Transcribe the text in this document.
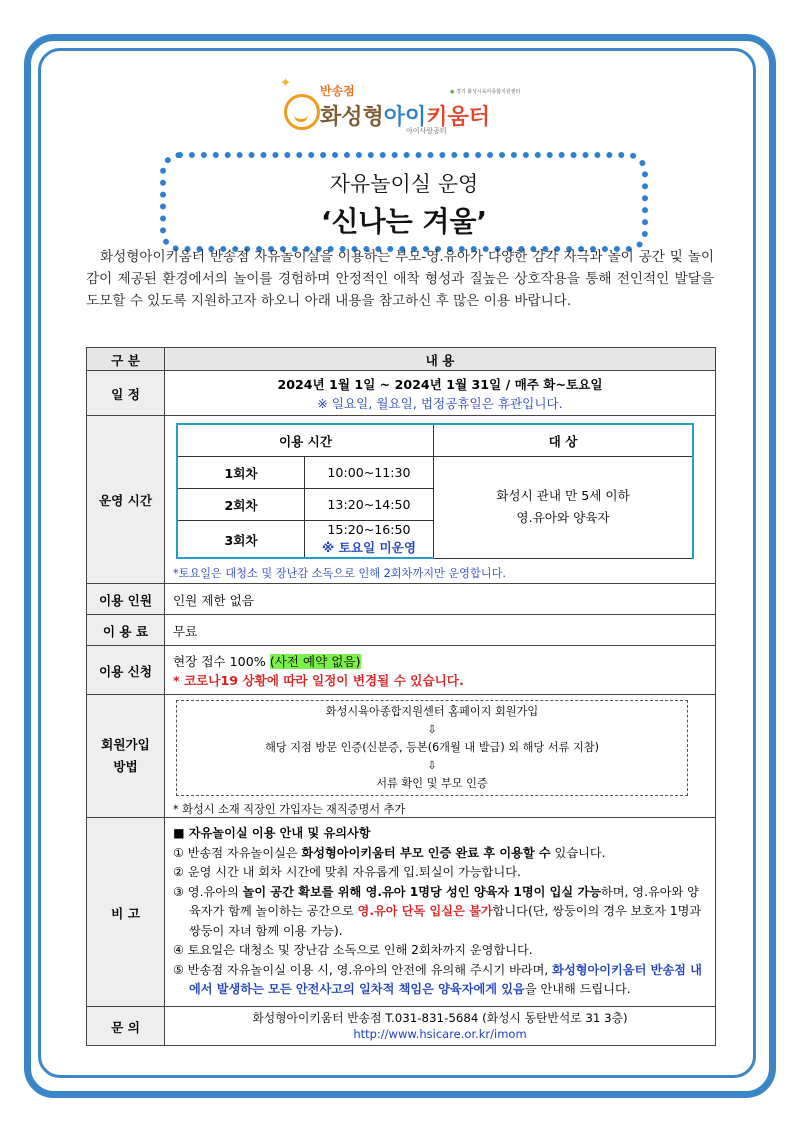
✦ 반송점
●	경기 화성시육아종합지원센터
화성형아이키움터
아이사랑공터
자유놀이실 운영
‘신나는 겨울’
화성형아이키움터 반송점 자유놀이실을 이용하는 부모-영.유아가 다양한 감각 자극과 놀이 공간 및 놀이감이 제공된 환경에서의 놀이를 경험하며 안정적인 애착 형성과 질높은 상호작용을 통해 전인적인 발달을 도모할 수 있도록 지원하고자 하오니 아래 내용을 참고하신 후 많은 이용 바랍니다.
구 분	내 용
일 정	
2024년 1월 1일 ~ 2024년 1월 31일 / 매주 화~토요일
※ 일요일, 월요일, 법정공휴일은 휴관입니다.

운영 시간	
이용 시간	대 상
1회차	10:00~11:30	
화성시 관내 만 5세 이하
영.유아와 양육자

2회차	13:20~14:50
3회차	
15:20~16:50
※ 토요일 미운영
*토요일은 대청소 및 장난감 소독으로 인해 2회차까지만 운영합니다.

이용 인원	인원 제한 없음
이 용 료	무료
이용 신청	
현장 접수 100% (사전 예약 없음)
* 코로나19 상황에 따라 일정이 변경될 수 있습니다.

회원가입
방법

화성시육아종합지원센터 홈페이지 회원가입
⇩
해당 지점 방문 인증(신분증, 등본(6개월 내 발급) 외 해당 서류 지참)
⇩
서류 확인 및 부모 인증
* 화성시 소재 직장인 가입자는 재직증명서 추가

비 고	

■ 자유놀이실 이용 안내 및 유의사항

① 반송점 자유놀이실은 화성형아이키움터 부모 인증 완료 후 이용할 수 있습니다.

② 운영 시간 내 회차 시간에 맞춰 자유롭게 입.퇴실이 가능합니다.

③ 영.유아의 놀이 공간 확보를 위해 영.유아 1명당 성인 양육자 1명이 입실 가능하며, 영.유아와 양육자가 함께 놀이하는 공간으로 영.유아 단독 입실은 불가합니다(단, 쌍둥이의 경우 보호자 1명과 쌍둥이 자녀 함께 이용 가능).

④ 토요일은 대청소 및 장난감 소독으로 인해 2회차까지 운영합니다.

⑤ 반송점 자유놀이실 이용 시, 영.유아의 안전에 유의해 주시기 바라며, 화성형아이키움터 반송점 내에서 발생하는 모든 안전사고의 일차적 책임은 양육자에게 있음을 안내해 드립니다.

문 의	
화성형아이키움터 반송점 T.031-831-5684 (화성시 동탄반석로 31 3층)
http://www.hsicare.or.kr/imom
